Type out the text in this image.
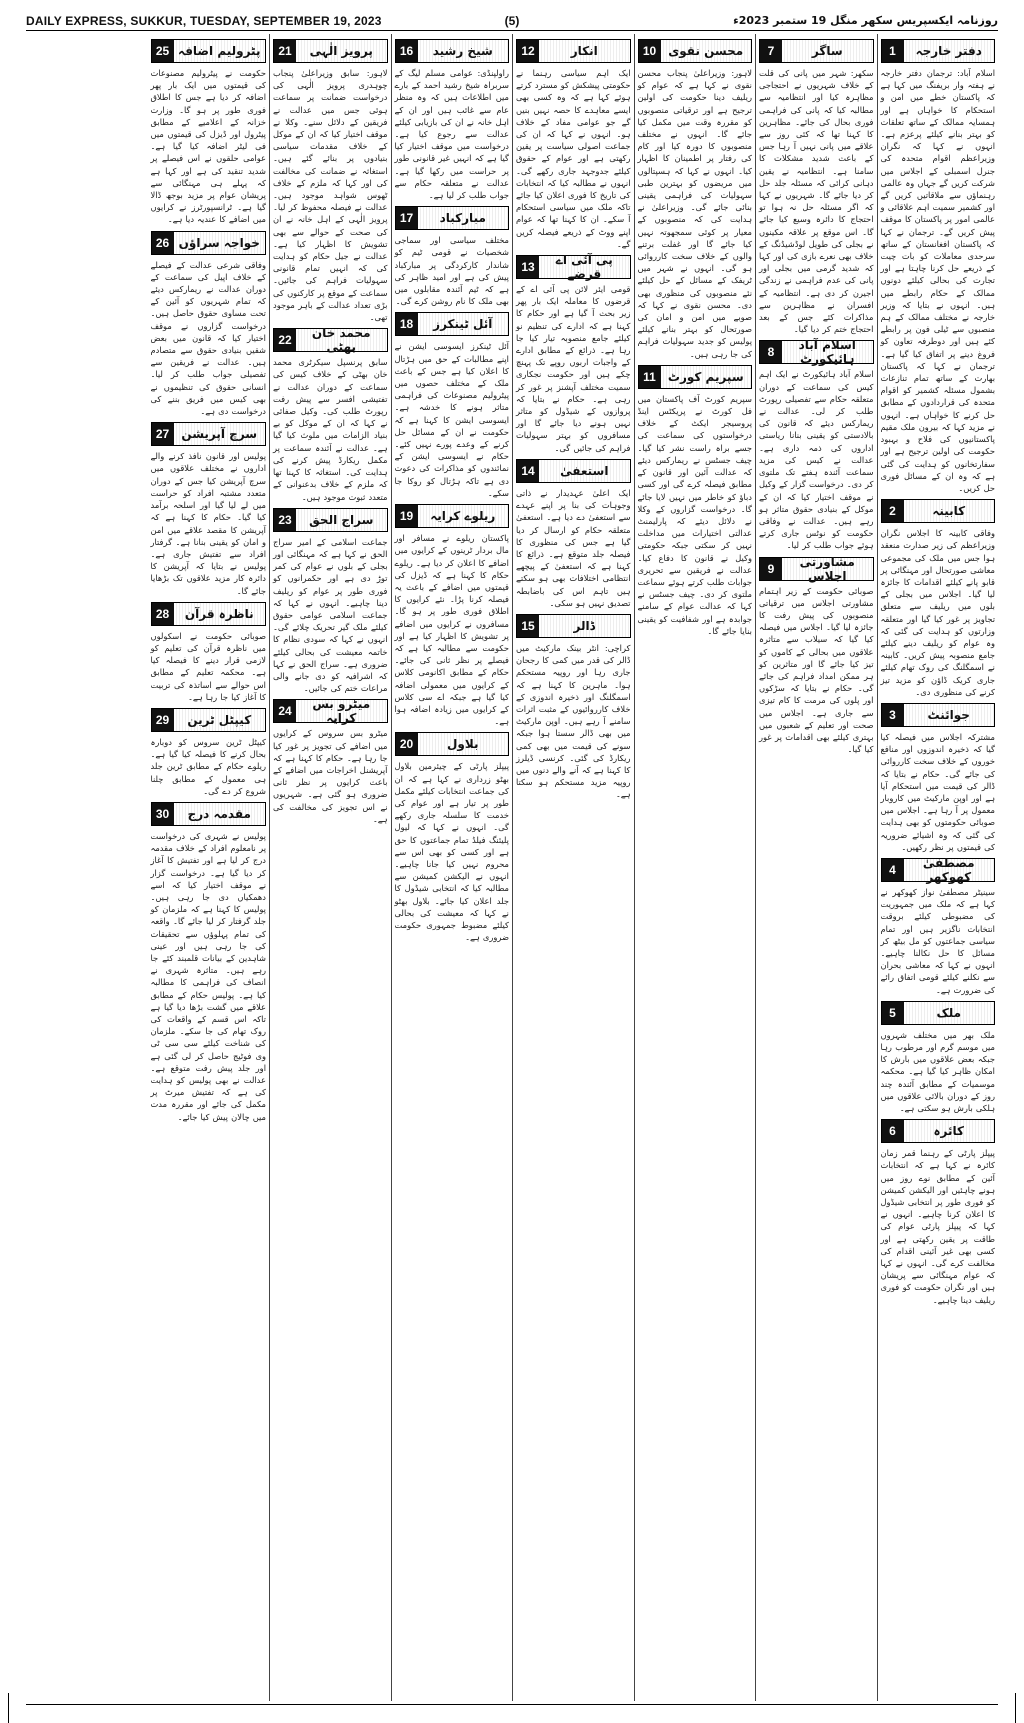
DAILY EXPRESS, SUKKUR, TUESDAY, SEPTEMBER 19, 2023	(5)	روزنامہ ایکسپریس سکھر منگل 19 ستمبر 2023ء
1	دفتر خارجہ
اسلام آباد: ترجمان دفتر خارجہ نے ہفتہ وار بریفنگ میں کہا ہے کہ پاکستان خطے میں امن و استحکام کا خواہاں ہے اور ہمسایہ ممالک کے ساتھ تعلقات کو بہتر بنانے کیلئے پرعزم ہے۔ انہوں نے کہا کہ نگران وزیراعظم اقوام متحدہ کی جنرل اسمبلی کے اجلاس میں شرکت کریں گے جہاں وہ عالمی رہنماؤں سے ملاقاتیں کریں گے اور کشمیر سمیت اہم علاقائی و عالمی امور پر پاکستان کا موقف پیش کریں گے۔ ترجمان نے کہا کہ پاکستان افغانستان کے ساتھ سرحدی معاملات کو بات چیت کے ذریعے حل کرنا چاہتا ہے اور تجارت کی بحالی کیلئے دونوں ممالک کے حکام رابطے میں ہیں۔ انہوں نے بتایا کہ وزیر خارجہ نے مختلف ممالک کے ہم منصبوں سے ٹیلی فون پر رابطے کئے ہیں اور دوطرفہ تعاون کو فروغ دینے پر اتفاق کیا گیا ہے۔ ترجمان نے کہا کہ پاکستان بھارت کے ساتھ تمام تنازعات بشمول مسئلہ کشمیر کو اقوام متحدہ کی قراردادوں کے مطابق حل کرنے کا خواہاں ہے۔ انہوں نے مزید کہا کہ بیرون ملک مقیم پاکستانیوں کی فلاح و بہبود حکومت کی اولین ترجیح ہے اور سفارتخانوں کو ہدایت کی گئی ہے کہ وہ ان کے مسائل فوری حل کریں۔
2	کابینہ
وفاقی کابینہ کا اجلاس نگران وزیراعظم کی زیر صدارت منعقد ہوا جس میں ملک کی مجموعی معاشی صورتحال اور مہنگائی پر قابو پانے کیلئے اقدامات کا جائزہ لیا گیا۔ اجلاس میں بجلی کے بلوں میں ریلیف سے متعلق تجاویز پر غور کیا گیا اور متعلقہ وزارتوں کو ہدایت کی گئی کہ وہ عوام کو ریلیف دینے کیلئے جامع منصوبہ پیش کریں۔ کابینہ نے اسمگلنگ کی روک تھام کیلئے جاری کریک ڈاؤن کو مزید تیز کرنے کی منظوری دی۔
3	جوائنٹ
مشترکہ اجلاس میں فیصلہ کیا گیا کہ ذخیرہ اندوزوں اور منافع خوروں کے خلاف سخت کارروائی کی جائے گی۔ حکام نے بتایا کہ ڈالر کی قیمت میں استحکام آیا ہے اور اوپن مارکیٹ میں کاروبار معمول پر آ رہا ہے۔ اجلاس میں صوبائی حکومتوں کو بھی ہدایت کی گئی کہ وہ اشیائے ضروریہ کی قیمتوں پر نظر رکھیں۔
4	مصطفیٰ کھوکھر
سینیٹر مصطفیٰ نواز کھوکھر نے کہا ہے کہ ملک میں جمہوریت کی مضبوطی کیلئے بروقت انتخابات ناگزیر ہیں اور تمام سیاسی جماعتوں کو مل بیٹھ کر مسائل کا حل نکالنا چاہیے۔ انہوں نے کہا کہ معاشی بحران سے نکلنے کیلئے قومی اتفاق رائے کی ضرورت ہے۔
5	ملک
ملک بھر میں مختلف شہروں میں موسم گرم اور مرطوب رہا جبکہ بعض علاقوں میں بارش کا امکان ظاہر کیا گیا ہے۔ محکمہ موسمیات کے مطابق آئندہ چند روز کے دوران بالائی علاقوں میں ہلکی بارش ہو سکتی ہے۔
6	کائرہ
پیپلز پارٹی کے رہنما قمر زمان کائرہ نے کہا ہے کہ انتخابات آئین کے مطابق نوے روز میں ہونے چاہئیں اور الیکشن کمیشن کو فوری طور پر انتخابی شیڈول کا اعلان کرنا چاہیے۔ انہوں نے کہا کہ پیپلز پارٹی عوام کی طاقت پر یقین رکھتی ہے اور کسی بھی غیر آئینی اقدام کی مخالفت کرے گی۔ انہوں نے کہا کہ عوام مہنگائی سے پریشان ہیں اور نگران حکومت کو فوری ریلیف دینا چاہیے۔
7	ساگر
سکھر: شہر میں پانی کی قلت کے خلاف شہریوں نے احتجاجی مظاہرہ کیا اور انتظامیہ سے مطالبہ کیا کہ پانی کی فراہمی فوری بحال کی جائے۔ مظاہرین کا کہنا تھا کہ کئی روز سے علاقے میں پانی نہیں آ رہا جس کے باعث شدید مشکلات کا سامنا ہے۔ انتظامیہ نے یقین دہانی کرائی کہ مسئلہ جلد حل کر دیا جائے گا۔ شہریوں نے کہا کہ اگر مسئلہ حل نہ ہوا تو احتجاج کا دائرہ وسیع کیا جائے گا۔ اس موقع پر علاقہ مکینوں نے بجلی کی طویل لوڈشیڈنگ کے خلاف بھی نعرے بازی کی اور کہا کہ شدید گرمی میں بجلی اور پانی کی عدم فراہمی نے زندگی اجیرن کر دی ہے۔ انتظامیہ کے افسران نے مظاہرین سے مذاکرات کئے جس کے بعد احتجاج ختم کر دیا گیا۔
8	اسلام آباد ہائیکورٹ
اسلام آباد ہائیکورٹ نے ایک اہم کیس کی سماعت کے دوران متعلقہ حکام سے تفصیلی رپورٹ طلب کر لی۔ عدالت نے ریمارکس دیئے کہ قانون کی بالادستی کو یقینی بنانا ریاستی اداروں کی ذمہ داری ہے۔ عدالت نے کیس کی مزید سماعت آئندہ ہفتے تک ملتوی کر دی۔ درخواست گزار کے وکیل نے موقف اختیار کیا کہ ان کے موکل کے بنیادی حقوق متاثر ہو رہے ہیں۔ عدالت نے وفاقی حکومت کو نوٹس جاری کرتے ہوئے جواب طلب کر لیا۔
9	مشاورتی اجلاس
صوبائی حکومت کے زیر اہتمام مشاورتی اجلاس میں ترقیاتی منصوبوں کی پیش رفت کا جائزہ لیا گیا۔ اجلاس میں فیصلہ کیا گیا کہ سیلاب سے متاثرہ علاقوں میں بحالی کے کاموں کو تیز کیا جائے گا اور متاثرین کو ہر ممکن امداد فراہم کی جائے گی۔ حکام نے بتایا کہ سڑکوں اور پلوں کی مرمت کا کام تیزی سے جاری ہے۔ اجلاس میں صحت اور تعلیم کے شعبوں میں بہتری کیلئے بھی اقدامات پر غور کیا گیا۔
10	محسن نقوی
لاہور: وزیراعلیٰ پنجاب محسن نقوی نے کہا ہے کہ عوام کو ریلیف دینا حکومت کی اولین ترجیح ہے اور ترقیاتی منصوبوں کو مقررہ وقت میں مکمل کیا جائے گا۔ انہوں نے مختلف منصوبوں کا دورہ کیا اور کام کی رفتار پر اطمینان کا اظہار کیا۔ انہوں نے کہا کہ ہسپتالوں میں مریضوں کو بہترین طبی سہولیات کی فراہمی یقینی بنائی جائے گی۔ وزیراعلیٰ نے ہدایت کی کہ منصوبوں کے معیار پر کوئی سمجھوتہ نہیں کیا جائے گا اور غفلت برتنے والوں کے خلاف سخت کارروائی ہو گی۔ انہوں نے شہر میں ٹریفک کے مسائل کے حل کیلئے نئے منصوبوں کی منظوری بھی دی۔ محسن نقوی نے کہا کہ صوبے میں امن و امان کی صورتحال کو بہتر بنانے کیلئے پولیس کو جدید سہولیات فراہم کی جا رہی ہیں۔
11	سپریم کورٹ
سپریم کورٹ آف پاکستان میں فل کورٹ نے پریکٹس اینڈ پروسیجر ایکٹ کے خلاف درخواستوں کی سماعت کی جسے براہ راست نشر کیا گیا۔ چیف جسٹس نے ریمارکس دیئے کہ عدالت آئین اور قانون کے مطابق فیصلہ کرے گی اور کسی دباؤ کو خاطر میں نہیں لایا جائے گا۔ درخواست گزاروں کے وکلا نے دلائل دیئے کہ پارلیمنٹ عدالتی اختیارات میں مداخلت نہیں کر سکتی جبکہ حکومتی وکیل نے قانون کا دفاع کیا۔ عدالت نے فریقین سے تحریری جوابات طلب کرتے ہوئے سماعت ملتوی کر دی۔ چیف جسٹس نے کہا کہ عدالت عوام کے سامنے جوابدہ ہے اور شفافیت کو یقینی بنایا جائے گا۔
12	انکار
ایک اہم سیاسی رہنما نے حکومتی پیشکش کو مسترد کرتے ہوئے کہا ہے کہ وہ کسی بھی ایسے معاہدے کا حصہ نہیں بنیں گے جو عوامی مفاد کے خلاف ہو۔ انہوں نے کہا کہ ان کی جماعت اصولی سیاست پر یقین رکھتی ہے اور عوام کے حقوق کیلئے جدوجہد جاری رکھے گی۔ انہوں نے مطالبہ کیا کہ انتخابات کی تاریخ کا فوری اعلان کیا جائے تاکہ ملک میں سیاسی استحکام آ سکے۔ ان کا کہنا تھا کہ عوام اپنے ووٹ کے ذریعے فیصلہ کریں گے۔
13	پی آئی اے قرضے
قومی ایئر لائن پی آئی اے کے قرضوں کا معاملہ ایک بار پھر زیر بحث آ گیا ہے اور حکام کا کہنا ہے کہ ادارے کی تنظیم نو کیلئے جامع منصوبہ تیار کیا جا رہا ہے۔ ذرائع کے مطابق ادارے کے واجبات اربوں روپے تک پہنچ چکے ہیں اور حکومت نجکاری سمیت مختلف آپشنز پر غور کر رہی ہے۔ حکام نے بتایا کہ پروازوں کے شیڈول کو متاثر نہیں ہونے دیا جائے گا اور مسافروں کو بہتر سہولیات فراہم کی جائیں گی۔
14	استعفیٰ
ایک اعلیٰ عہدیدار نے ذاتی وجوہات کی بنا پر اپنے عہدے سے استعفیٰ دے دیا ہے۔ استعفیٰ متعلقہ حکام کو ارسال کر دیا گیا ہے جس کی منظوری کا فیصلہ جلد متوقع ہے۔ ذرائع کا کہنا ہے کہ استعفیٰ کے پیچھے انتظامی اختلافات بھی ہو سکتے ہیں تاہم اس کی باضابطہ تصدیق نہیں ہو سکی۔
15	ڈالر
کراچی: انٹر بینک مارکیٹ میں ڈالر کی قدر میں کمی کا رجحان جاری رہا اور روپیہ مستحکم ہوا۔ ماہرین کا کہنا ہے کہ اسمگلنگ اور ذخیرہ اندوزی کے خلاف کارروائیوں کے مثبت اثرات سامنے آ رہے ہیں۔ اوپن مارکیٹ میں بھی ڈالر سستا ہوا جبکہ سونے کی قیمت میں بھی کمی ریکارڈ کی گئی۔ کرنسی ڈیلرز کا کہنا ہے کہ آنے والے دنوں میں روپیہ مزید مستحکم ہو سکتا ہے۔
16	شیخ رشید
راولپنڈی: عوامی مسلم لیگ کے سربراہ شیخ رشید احمد کے بارے میں اطلاعات ہیں کہ وہ منظر عام سے غائب ہیں اور ان کے اہل خانہ نے ان کی بازیابی کیلئے عدالت سے رجوع کیا ہے۔ درخواست میں موقف اختیار کیا گیا ہے کہ انہیں غیر قانونی طور پر حراست میں رکھا گیا ہے۔ عدالت نے متعلقہ حکام سے جواب طلب کر لیا ہے۔
17	مبارکباد
مختلف سیاسی اور سماجی شخصیات نے قومی ٹیم کو شاندار کارکردگی پر مبارکباد پیش کی ہے اور امید ظاہر کی ہے کہ ٹیم آئندہ مقابلوں میں بھی ملک کا نام روشن کرے گی۔
18	آئل ٹینکرز
آئل ٹینکرز ایسوسی ایشن نے اپنے مطالبات کے حق میں ہڑتال کا اعلان کیا ہے جس کے باعث ملک کے مختلف حصوں میں پیٹرولیم مصنوعات کی فراہمی متاثر ہونے کا خدشہ ہے۔ ایسوسی ایشن کا کہنا ہے کہ حکومت نے ان کے مسائل حل کرنے کے وعدے پورے نہیں کئے۔ حکام نے ایسوسی ایشن کے نمائندوں کو مذاکرات کی دعوت دی ہے تاکہ ہڑتال کو روکا جا سکے۔
19	ریلوے کرایہ
پاکستان ریلوے نے مسافر اور مال بردار ٹرینوں کے کرایوں میں اضافے کا اعلان کر دیا ہے۔ ریلوے حکام کا کہنا ہے کہ ڈیزل کی قیمتوں میں اضافے کے باعث یہ فیصلہ کرنا پڑا۔ نئے کرایوں کا اطلاق فوری طور پر ہو گا۔ مسافروں نے کرایوں میں اضافے پر تشویش کا اظہار کیا ہے اور حکومت سے مطالبہ کیا ہے کہ فیصلے پر نظر ثانی کی جائے۔ حکام کے مطابق اکانومی کلاس کے کرایوں میں معمولی اضافہ کیا گیا ہے جبکہ اے سی کلاس کے کرایوں میں زیادہ اضافہ ہوا ہے۔
20	بلاول
پیپلز پارٹی کے چیئرمین بلاول بھٹو زرداری نے کہا ہے کہ ان کی جماعت انتخابات کیلئے مکمل طور پر تیار ہے اور عوام کی خدمت کا سلسلہ جاری رکھے گی۔ انہوں نے کہا کہ لیول پلیئنگ فیلڈ تمام جماعتوں کا حق ہے اور کسی کو بھی اس سے محروم نہیں کیا جانا چاہیے۔ انہوں نے الیکشن کمیشن سے مطالبہ کیا کہ انتخابی شیڈول کا جلد اعلان کیا جائے۔ بلاول بھٹو نے کہا کہ معیشت کی بحالی کیلئے مضبوط جمہوری حکومت ضروری ہے۔
21	پرویز الٰہی
لاہور: سابق وزیراعلیٰ پنجاب چوہدری پرویز الٰہی کی درخواست ضمانت پر سماعت ہوئی جس میں عدالت نے فریقین کے دلائل سنے۔ وکلا نے موقف اختیار کیا کہ ان کے موکل کے خلاف مقدمات سیاسی بنیادوں پر بنائے گئے ہیں۔ استغاثہ نے ضمانت کی مخالفت کی اور کہا کہ ملزم کے خلاف ٹھوس شواہد موجود ہیں۔ عدالت نے فیصلہ محفوظ کر لیا۔ پرویز الٰہی کے اہل خانہ نے ان کی صحت کے حوالے سے بھی تشویش کا اظہار کیا ہے۔ عدالت نے جیل حکام کو ہدایت کی کہ انہیں تمام قانونی سہولیات فراہم کی جائیں۔ سماعت کے موقع پر کارکنوں کی بڑی تعداد عدالت کے باہر موجود تھی۔
22	محمد خان بھٹی
سابق پرنسپل سیکرٹری محمد خان بھٹی کے خلاف کیس کی سماعت کے دوران عدالت نے تفتیشی افسر سے پیش رفت رپورٹ طلب کی۔ وکیل صفائی نے کہا کہ ان کے موکل کو بے بنیاد الزامات میں ملوث کیا گیا ہے۔ عدالت نے آئندہ سماعت پر مکمل ریکارڈ پیش کرنے کی ہدایت کی۔ استغاثہ کا کہنا تھا کہ ملزم کے خلاف بدعنوانی کے متعدد ثبوت موجود ہیں۔
23	سراج الحق
جماعت اسلامی کے امیر سراج الحق نے کہا ہے کہ مہنگائی اور بجلی کے بلوں نے عوام کی کمر توڑ دی ہے اور حکمرانوں کو فوری طور پر عوام کو ریلیف دینا چاہیے۔ انہوں نے کہا کہ جماعت اسلامی عوامی حقوق کیلئے ملک گیر تحریک چلائے گی۔ انہوں نے کہا کہ سودی نظام کا خاتمہ معیشت کی بحالی کیلئے ضروری ہے۔ سراج الحق نے کہا کہ اشرافیہ کو دی جانے والی مراعات ختم کی جائیں۔
24	میٹرو بس کرایہ
میٹرو بس سروس کے کرایوں میں اضافے کی تجویز پر غور کیا جا رہا ہے۔ حکام کا کہنا ہے کہ آپریشنل اخراجات میں اضافے کے باعث کرایوں پر نظر ثانی ضروری ہو گئی ہے۔ شہریوں نے اس تجویز کی مخالفت کی ہے۔
25 پٹرولیم اضافہ
حکومت نے پیٹرولیم مصنوعات کی قیمتوں میں ایک بار پھر اضافہ کر دیا ہے جس کا اطلاق فوری طور پر ہو گا۔ وزارت خزانہ کے اعلامیے کے مطابق پیٹرول اور ڈیزل کی قیمتوں میں فی لیٹر اضافہ کیا گیا ہے۔ عوامی حلقوں نے اس فیصلے پر شدید تنقید کی ہے اور کہا ہے کہ پہلے ہی مہنگائی سے پریشان عوام پر مزید بوجھ ڈالا گیا ہے۔ ٹرانسپورٹرز نے کرایوں میں اضافے کا عندیہ دیا ہے۔
26 خواجہ سراؤں
وفاقی شرعی عدالت کے فیصلے کے خلاف اپیل کی سماعت کے دوران عدالت نے ریمارکس دیئے کہ تمام شہریوں کو آئین کے تحت مساوی حقوق حاصل ہیں۔ درخواست گزاروں نے موقف اختیار کیا کہ قانون میں بعض شقیں بنیادی حقوق سے متصادم ہیں۔ عدالت نے فریقین سے تفصیلی جواب طلب کر لیا۔ انسانی حقوق کی تنظیموں نے بھی کیس میں فریق بننے کی درخواست دی ہے۔
27	سرچ آپریشن
پولیس اور قانون نافذ کرنے والے اداروں نے مختلف علاقوں میں سرچ آپریشن کیا جس کے دوران متعدد مشتبہ افراد کو حراست میں لے لیا گیا اور اسلحہ برآمد کیا گیا۔ حکام کا کہنا ہے کہ آپریشن کا مقصد علاقے میں امن و امان کو یقینی بنانا ہے۔ گرفتار افراد سے تفتیش جاری ہے۔ پولیس نے بتایا کہ آپریشن کا دائرہ کار مزید علاقوں تک بڑھایا جائے گا۔
28	ناظرہ قرآن
صوبائی حکومت نے اسکولوں میں ناظرہ قرآن کی تعلیم کو لازمی قرار دینے کا فیصلہ کیا ہے۔ محکمہ تعلیم کے مطابق اس حوالے سے اساتذہ کی تربیت کا آغاز کیا جا رہا ہے۔
29	کیپٹل ٹرین
کیپٹل ٹرین سروس کو دوبارہ بحال کرنے کا فیصلہ کیا گیا ہے۔ ریلوے حکام کے مطابق ٹرین جلد ہی معمول کے مطابق چلنا شروع کر دے گی۔
30	مقدمہ درج
پولیس نے شہری کی درخواست پر نامعلوم افراد کے خلاف مقدمہ درج کر لیا ہے اور تفتیش کا آغاز کر دیا گیا ہے۔ درخواست گزار نے موقف اختیار کیا کہ اسے دھمکیاں دی جا رہی ہیں۔ پولیس کا کہنا ہے کہ ملزمان کو جلد گرفتار کر لیا جائے گا۔ واقعہ کی تمام پہلوؤں سے تحقیقات کی جا رہی ہیں اور عینی شاہدین کے بیانات قلمبند کئے جا رہے ہیں۔ متاثرہ شہری نے انصاف کی فراہمی کا مطالبہ کیا ہے۔ پولیس حکام کے مطابق علاقے میں گشت بڑھا دیا گیا ہے تاکہ اس قسم کے واقعات کی روک تھام کی جا سکے۔ ملزمان کی شناخت کیلئے سی سی ٹی وی فوٹیج حاصل کر لی گئی ہے اور جلد پیش رفت متوقع ہے۔ عدالت نے بھی پولیس کو ہدایت کی ہے کہ تفتیش میرٹ پر مکمل کی جائے اور مقررہ مدت میں چالان پیش کیا جائے۔
